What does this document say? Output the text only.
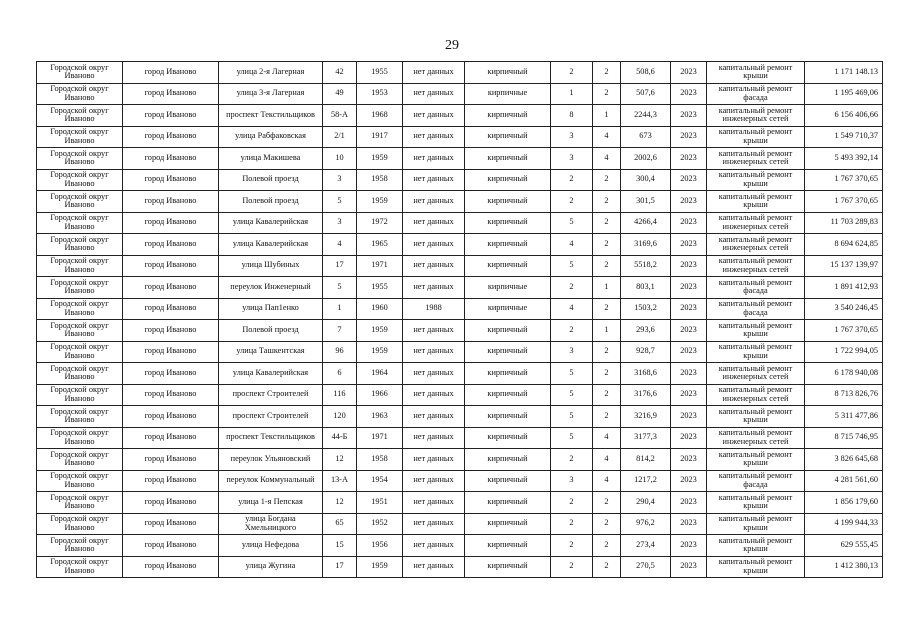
29
Городской округ Иваново	город Иваново	улица 2-я Лагерная	42	1955	нет данных	кирпичный	2	2	508,6	2023	капитальный ремонт крыши	1 171 148.13
Городской округ Иваново	город Иваново	улица 3-я Лагерная	49	1953	нет данных	кирпичные	1	2	507,6	2023	капитальный ремонт фасада	1 195 469,06
Городской округ Иваново	город Иваново	проспект Текстильщиков	58-А	1968	нет данных	кирпичный	8	1	2244,3	2023	капитальный ремонт инженерных сетей	6 156 406,66
Городской округ Иваново	город Иваново	улица Рабфаковская	2/1	1917	нет данных	кирпичный	3	4	673	2023	капитальный ремонт крыши	1 549 710,37
Городской округ Иваново	город Иваново	улица Макишева	10	1959	нет данных	кирпичный	3	4	2002,6	2023	капитальный ремонт инженерных сетей	5 493 392,14
Городской округ Иваново	город Иваново	Полевой проезд	3	1958	нет данных	кирпичный	2	2	300,4	2023	капитальный ремонт крыши	1 767 370,65
Городской округ Иваново	город Иваново	Полевой проезд	5	1959	нет данных	кирпичный	2	2	301,5	2023	капитальный ремонт крыши	1 767 370,65
Городской округ Иваново	город Иваново	улица Кавалерийская	3	1972	нет данных	кирпичный	5	2	4266,4	2023	капитальный ремонт инженерных сетей	11 703 289,83
Городской округ Иваново	город Иваново	улица Кавалерийская	4	1965	нет данных	кирпичный	4	2	3169,6	2023	капитальный ремонт инженерных сетей	8 694 624,85
Городской округ Иваново	город Иваново	улица Шубиных	17	1971	нет данных	кирпичный	5	2	5518,2	2023	капитальный ремонт инженерных сетей	15 137 139,97
Городской округ Иваново	город Иваново	переулок Инженерный	5	1955	нет данных	кирпичные	2	1	803,1	2023	капитальный ремонт фасада	1 891 412,93
Городской округ Иваново	город Иваново	улица Пап1енко	1	1960	1988	кирпичные	4	2	1503,2	2023	капитальный ремонт фасада	3 540 246,45
Городской округ Иваново	город Иваново	Полевой проезд	7	1959	нет данных	кирпичный	2	1	293,6	2023	капитальный ремонт крыши	1 767 370,65
Городской округ Иваново	город Иваново	улица Ташкентская	96	1959	нет данных	кирпичный	3	2	928,7	2023	капитальный ремонт крыши	1 722 994,05
Городской округ Иваново	город Иваново	улица Кавалерийская	6	1964	нет данных	кирпичный	5	2	3168,6	2023	капитальный ремонт инженерных сетей	6 178 940,08
Городской округ Иваново	город Иваново	проспект Строителей	116	1966	нет данных	кирпичный	5	2	3176,6	2023	капитальный ремонт инженерных сетей	8 713 826,76
Городской округ Иваново	город Иваново	проспект Строителей	120	1963	нет данных	кирпичный	5	2	3216,9	2023	капитальный ремонт крыши	5 311 477,86
Городской округ Иваново	город Иваново	проспект Текстильщиков	44-Б	1971	нет данных	кирпичный	5	4	3177,3	2023	капитальный ремонт инженерных сетей	8 715 746,95
Городской округ Иваново	город Иваново	переулок Ульяновский	12	1958	нет данных	кирпичный	2	4	814,2	2023	капитальный ремонт крыши	3 826 645,68
Городской округ Иваново	город Иваново	переулок Коммунальный	13-А	1954	нет данных	кирпичный	3	4	1217,2	2023	капитальный ремонт фасада	4 281 561,60
Городской округ Иваново	город Иваново	улица 1-я Пепская	12	1951	нет данных	кирпичный	2	2	290,4	2023	капитальный ремонт крыши	1 856 179,60
Городской округ Иваново	город Иваново	улица Богдана Хмельницкого	65	1952	нет данных	кирпичный	2	2	976,2	2023	капитальный ремонт крыши	4 199 944,33
Городской округ Иваново	город Иваново	улица Нефедова	15	1956	нет данных	кирпичный	2	2	273,4	2023	капитальный ремонт крыши	629 555,45
Городской округ Иваново	город Иваново	улица Жугина	17	1959	нет данных	кирпичный	2	2	270,5	2023	капитальный ремонт крыши	1 412 380,13
